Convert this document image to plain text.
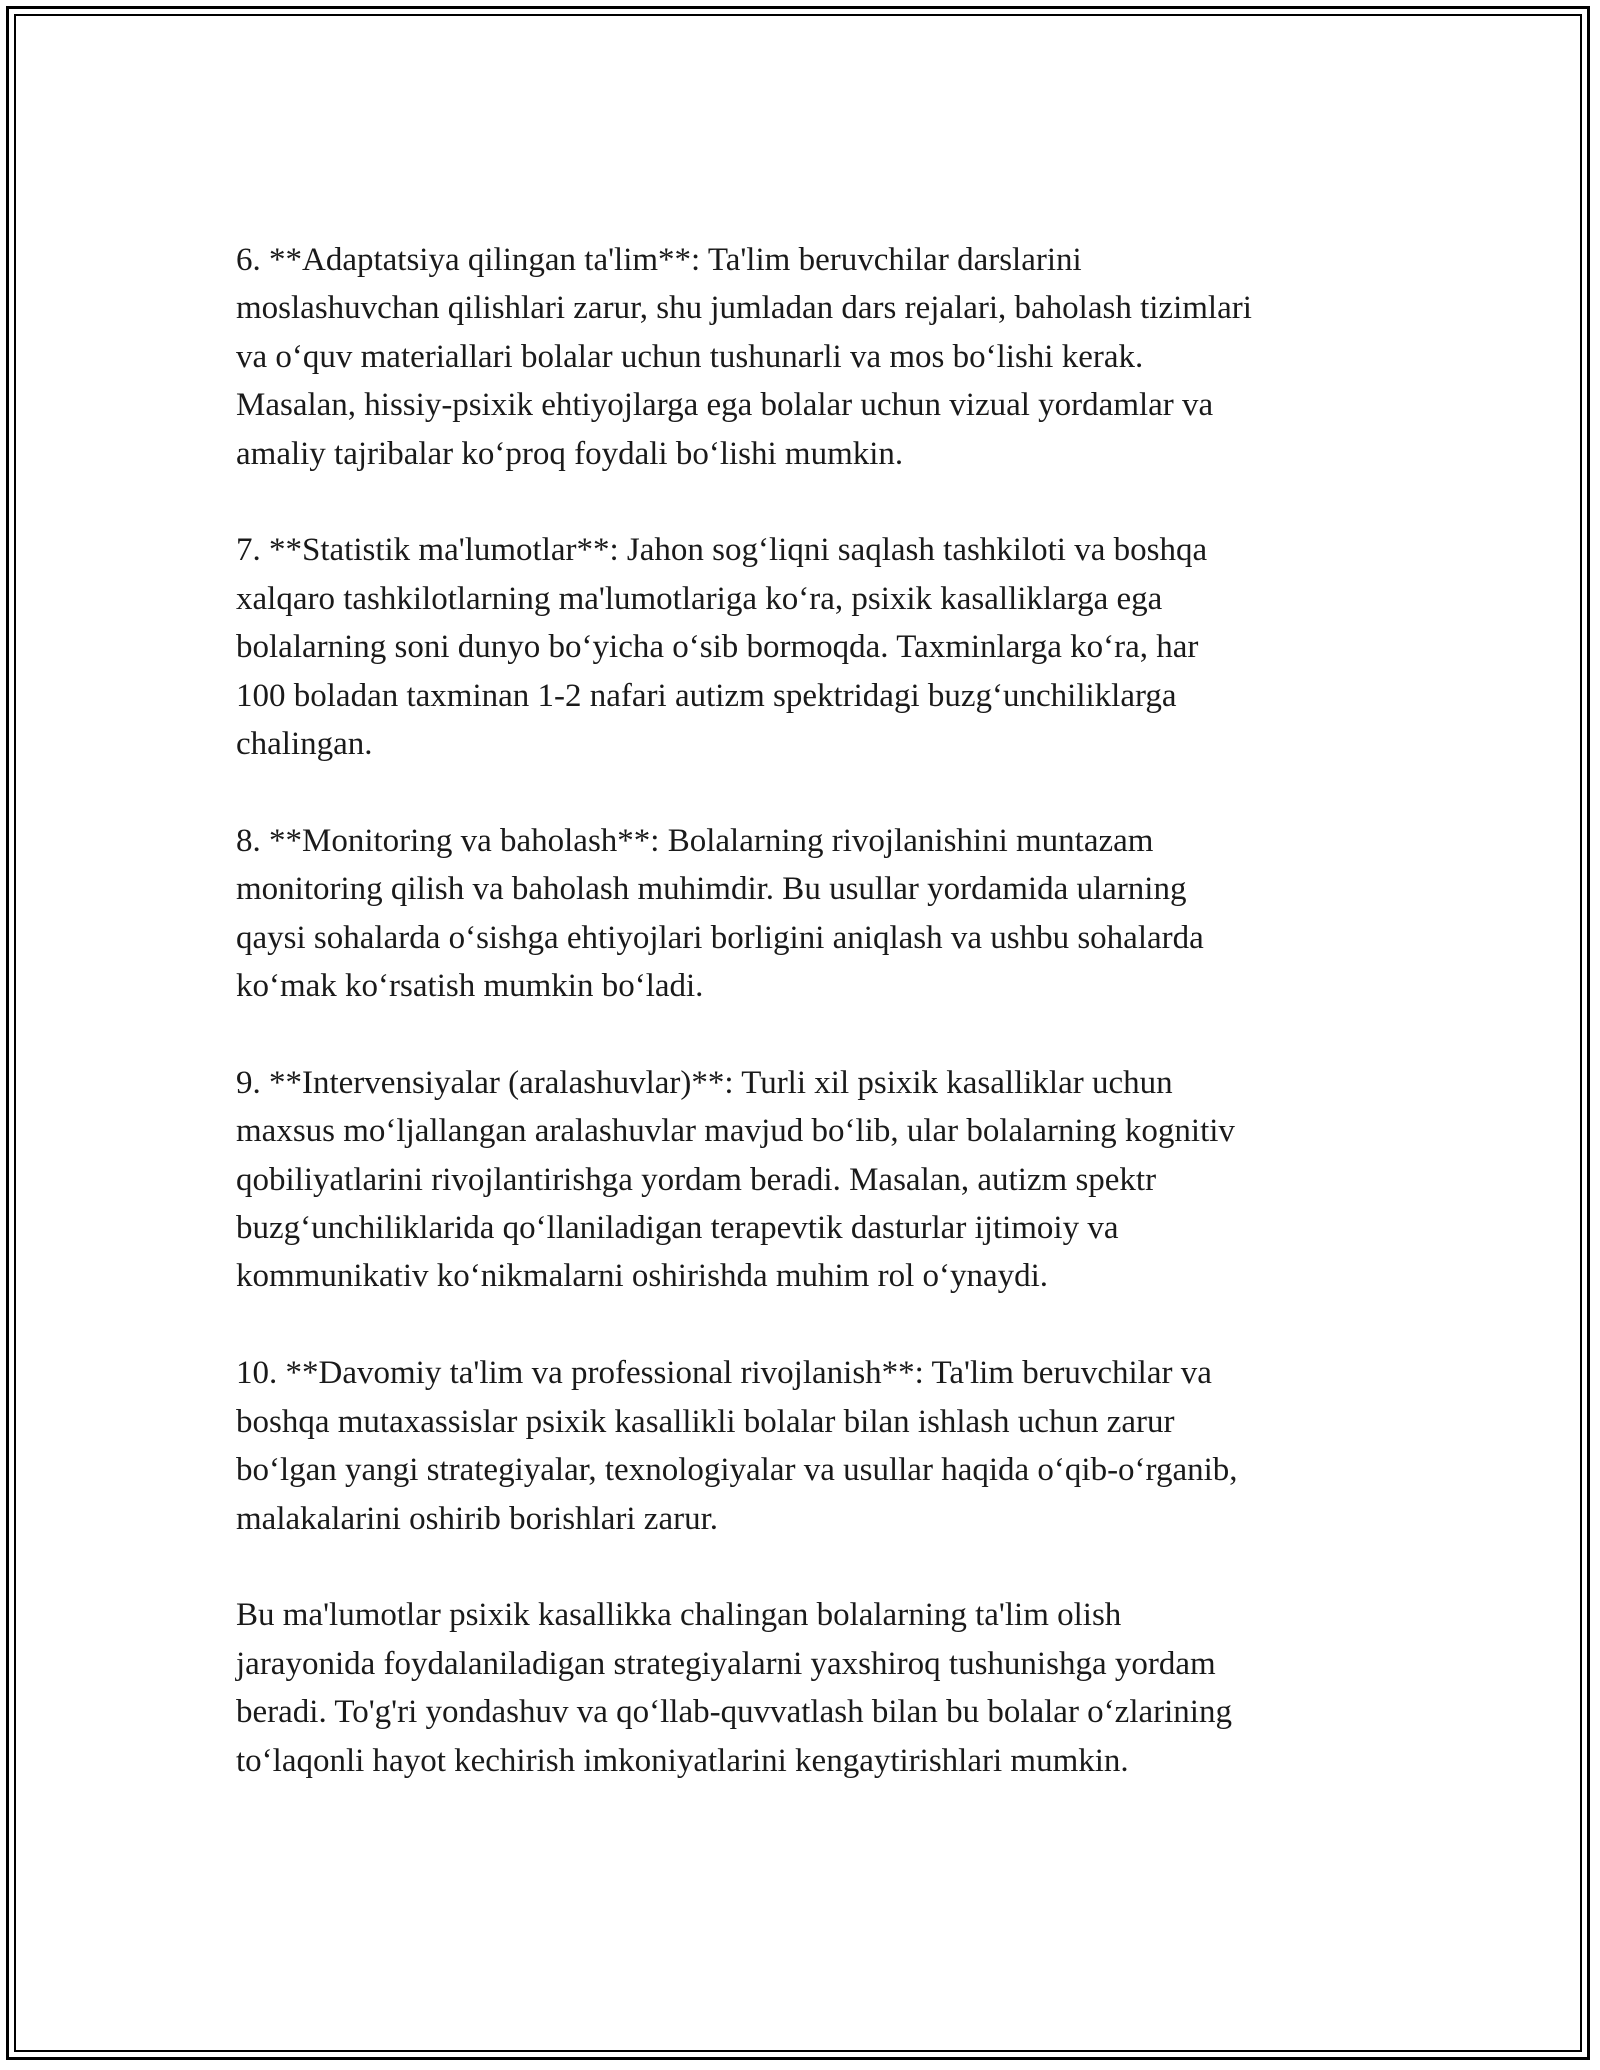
6. **Adaptatsiya qilingan ta'lim**: Ta'lim beruvchilar darslarini
moslashuvchan qilishlari zarur, shu jumladan dars rejalari, baholash tizimlari
va o‘quv materiallari bolalar uchun tushunarli va mos bo‘lishi kerak.
Masalan, hissiy-psixik ehtiyojlarga ega bolalar uchun vizual yordamlar va
amaliy tajribalar ko‘proq foydali bo‘lishi mumkin.

7. **Statistik ma'lumotlar**: Jahon sog‘liqni saqlash tashkiloti va boshqa
xalqaro tashkilotlarning ma'lumotlariga ko‘ra, psixik kasalliklarga ega
bolalarning soni dunyo bo‘yicha o‘sib bormoqda. Taxminlarga ko‘ra, har
100 boladan taxminan 1-2 nafari autizm spektridagi buzg‘unchiliklarga
chalingan.

8. **Monitoring va baholash**: Bolalarning rivojlanishini muntazam
monitoring qilish va baholash muhimdir. Bu usullar yordamida ularning
qaysi sohalarda o‘sishga ehtiyojlari borligini aniqlash va ushbu sohalarda
ko‘mak ko‘rsatish mumkin bo‘ladi.

9. **Intervensiyalar (aralashuvlar)**: Turli xil psixik kasalliklar uchun
maxsus mo‘ljallangan aralashuvlar mavjud bo‘lib, ular bolalarning kognitiv
qobiliyatlarini rivojlantirishga yordam beradi. Masalan, autizm spektr
buzg‘unchiliklarida qo‘llaniladigan terapevtik dasturlar ijtimoiy va
kommunikativ ko‘nikmalarni oshirishda muhim rol o‘ynaydi.

10. **Davomiy ta'lim va professional rivojlanish**: Ta'lim beruvchilar va
boshqa mutaxassislar psixik kasallikli bolalar bilan ishlash uchun zarur
bo‘lgan yangi strategiyalar, texnologiyalar va usullar haqida o‘qib-o‘rganib,
malakalarini oshirib borishlari zarur.

Bu ma'lumotlar psixik kasallikka chalingan bolalarning ta'lim olish
jarayonida foydalaniladigan strategiyalarni yaxshiroq tushunishga yordam
beradi. To'g'ri yondashuv va qo‘llab-quvvatlash bilan bu bolalar o‘zlarining
to‘laqonli hayot kechirish imkoniyatlarini kengaytirishlari mumkin.
